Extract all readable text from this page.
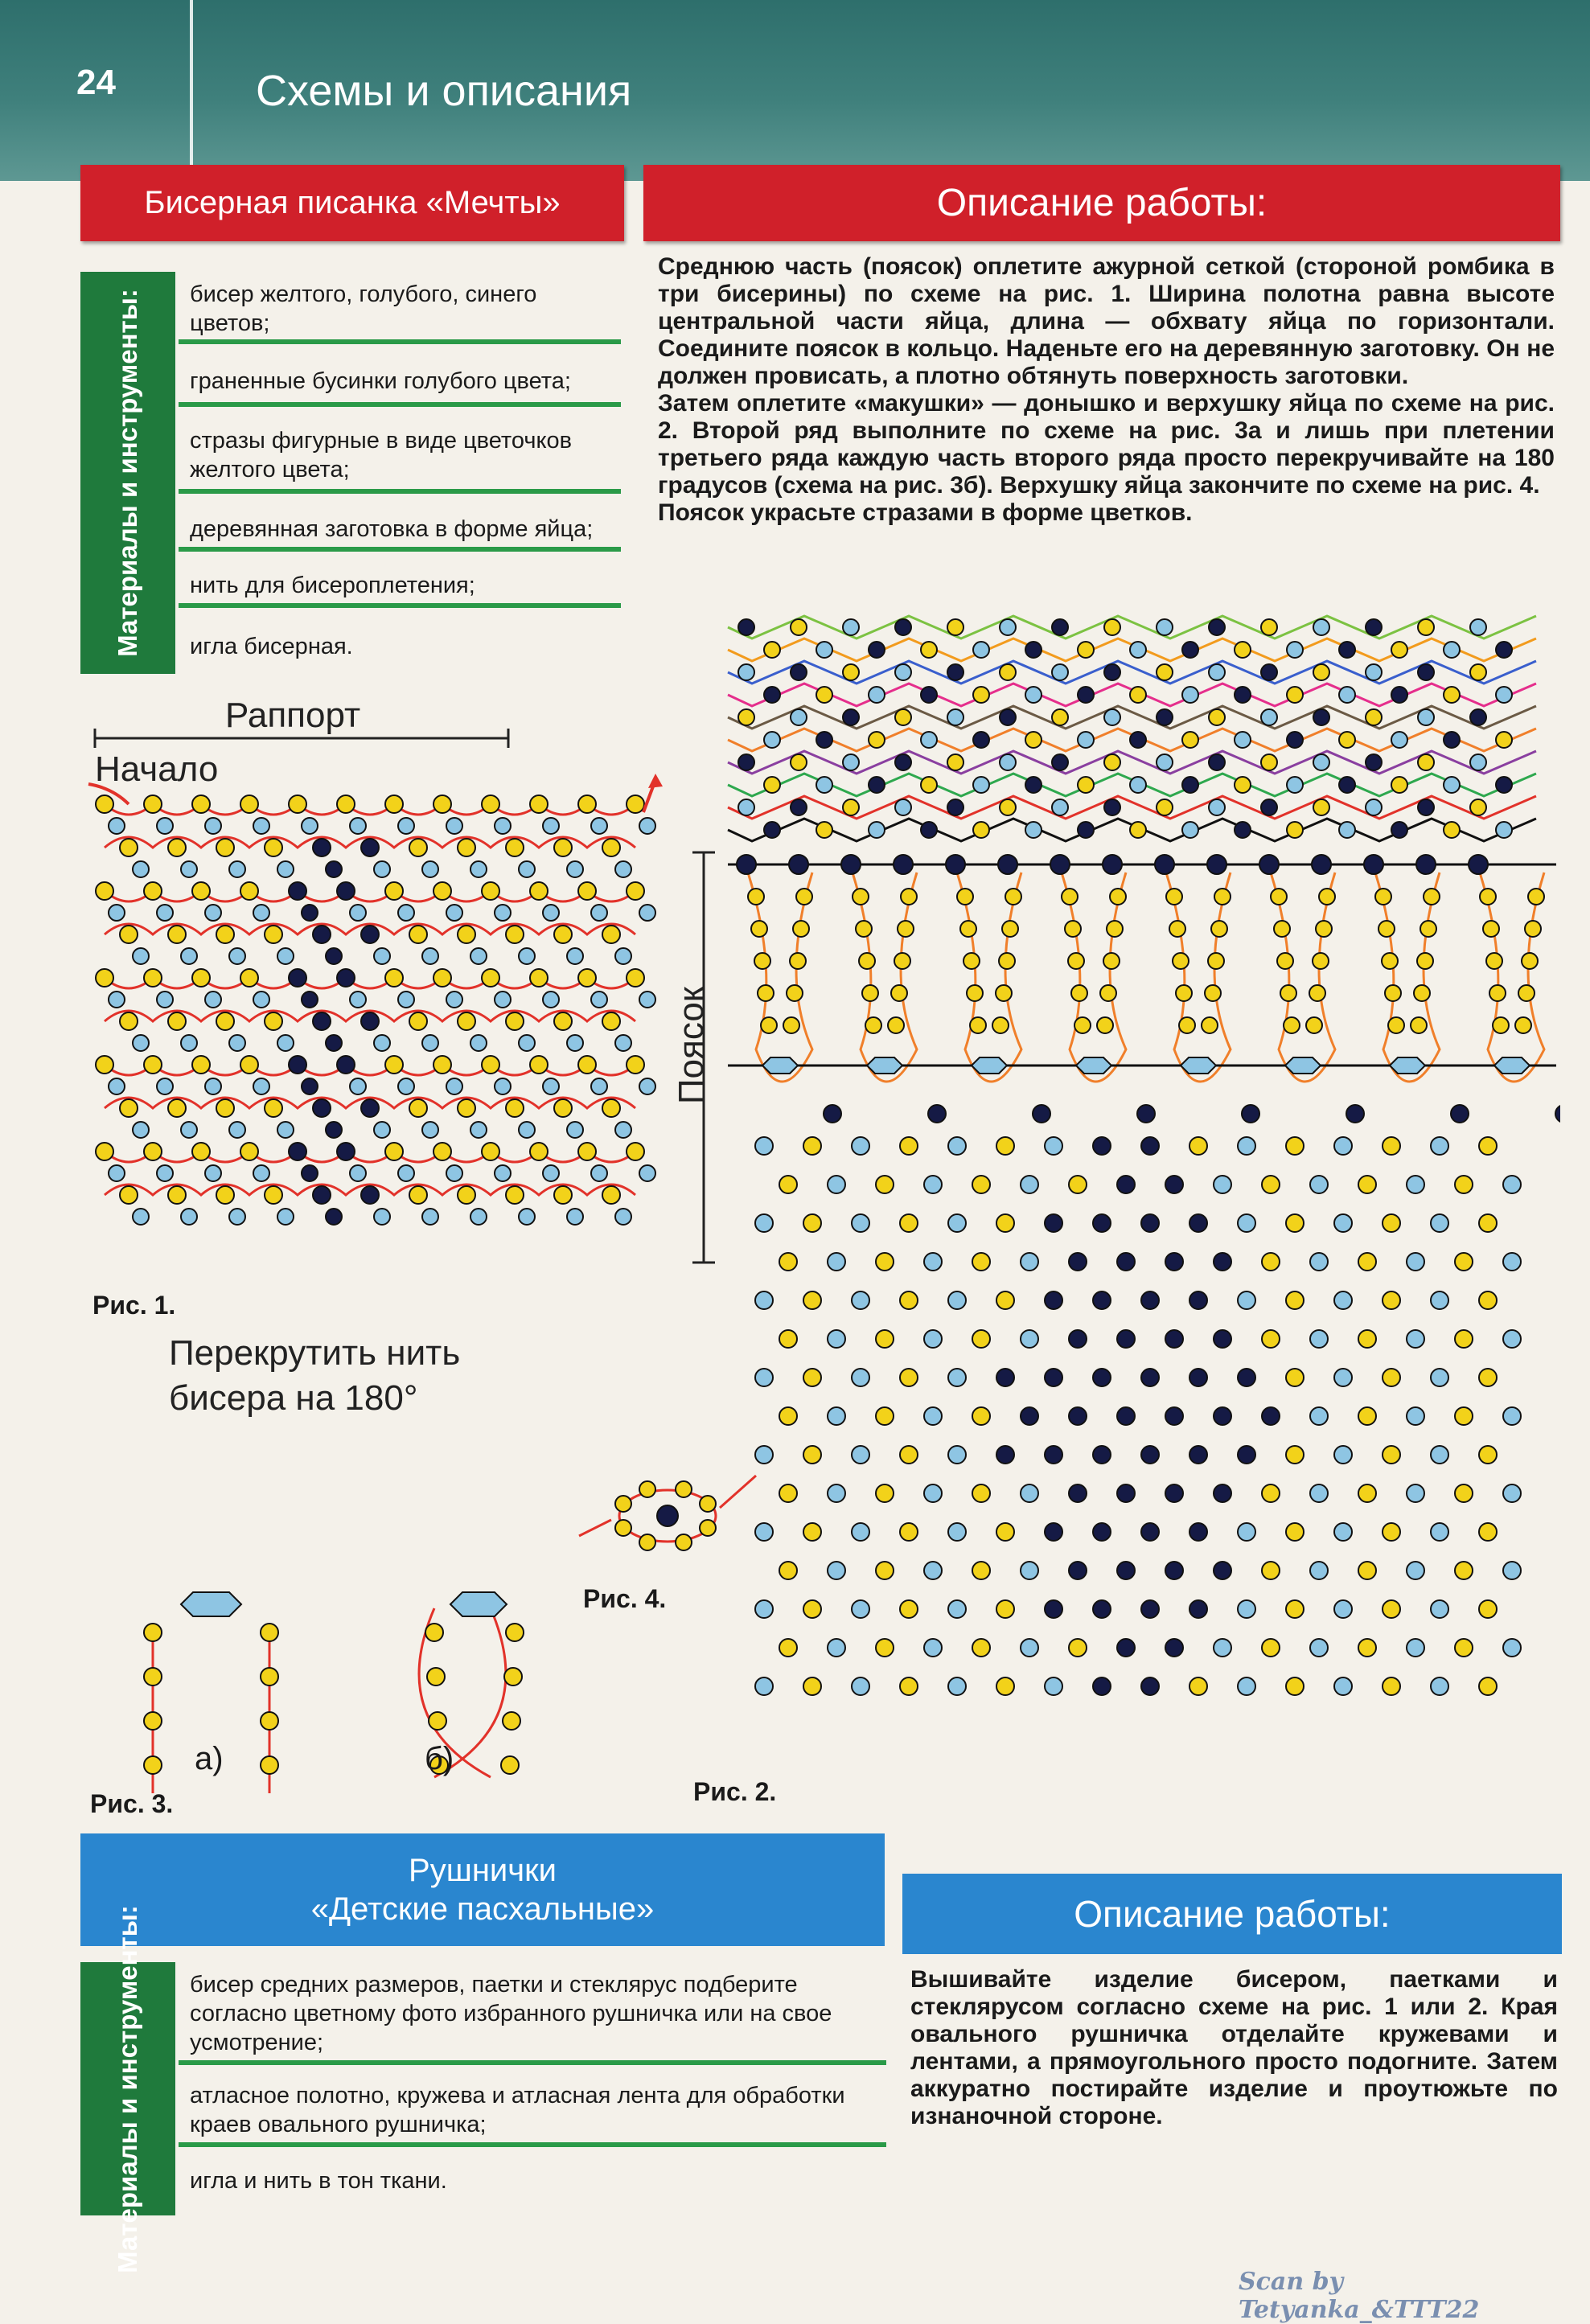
24	Схемы и описания
Бисерная писанка «Мечты»
Материалы и инструменты:	бисер желтого, голубого, синего цветов;
граненные бусинки голубого цвета;
стразы фигурные в виде цветочков желтого цвета;
деревянная заготовка в форме яйца;
нить для бисероплетения;
игла бисерная.
Описание работы:
Среднюю часть (поясок) оплетите ажурной сеткой (стороной ромбика в три бисерины) по схеме на рис. 1. Ширина полотна равна высоте центральной части яйца, длина — обхвату яйца по горизонтали. Соедините поясок в кольцо. Наденьте его на деревянную заготовку. Он не должен провисать, а плотно обтянуть поверхность заготовки.
Затем оплетите «макушки» — донышко и верхушку яйца по схеме на рис. 2. Второй ряд выполните по схеме на рис. 3а и лишь при плетении третьего ряда каждую часть второго ряда просто перекручивайте на 180 градусов (схема на рис. 3б). Верхушку яйца закончите по схеме на рис. 4.
Поясок украсьте стразами в форме цветков.
Раппорт
Начало
Рис. 1.
Поясок
Рис. 2.
Перекрутить нить
бисера на 180°
а)	б)
Рис. 3.
Рис. 4.
Рушнички
«Детские пасхальные»
Материалы и инструменты:	бисер средних размеров, паетки и стеклярус подберите согласно цветному фото избранного рушничка или на свое усмотрение;
атласное полотно, кружева и атласная лента для обработки краев овального рушничка;
игла и нить в тон ткани.
Описание работы:
Вышивайте изделие бисером, паетками и стеклярусом согласно схеме на рис. 1 или 2. Края овального рушничка отделайте кружевами и лентами, а прямоугольного просто подогните. Затем аккуратно постирайте изделие и проутюжьте по изнаночной стороне.
Scan by Tetyanka_&TTT22
